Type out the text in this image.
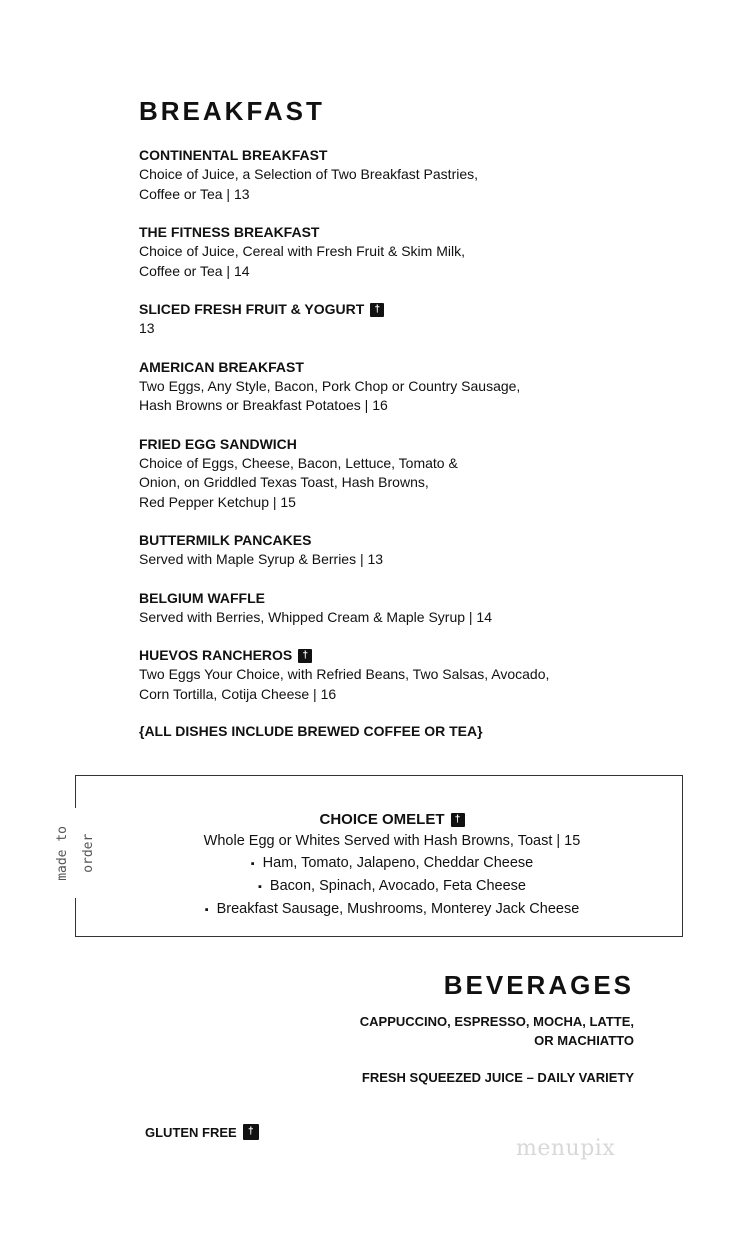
BREAKFAST
CONTINENTAL BREAKFAST
Choice of Juice, a Selection of Two Breakfast Pastries,
Coffee or Tea | 13
THE FITNESS BREAKFAST
Choice of Juice, Cereal with Fresh Fruit & Skim Milk,
Coffee or Tea | 14
SLICED FRESH FRUIT & YOGURT
†
13
AMERICAN BREAKFAST
Two Eggs, Any Style, Bacon, Pork Chop or Country Sausage,
Hash Browns or Breakfast Potatoes | 16
FRIED EGG SANDWICH
Choice of Eggs, Cheese, Bacon, Lettuce, Tomato &
Onion, on Griddled Texas Toast, Hash Browns,
Red Pepper Ketchup | 15
BUTTERMILK PANCAKES
Served with Maple Syrup & Berries | 13
BELGIUM WAFFLE
Served with Berries, Whipped Cream & Maple Syrup | 14
HUEVOS RANCHEROS
†
Two Eggs Your Choice, with Refried Beans, Two Salsas, Avocado,
Corn Tortilla, Cotija Cheese | 16
{ALL DISHES INCLUDE BREWED COFFEE OR TEA}
made to
order
CHOICE OMELET
†
Whole Egg or Whites Served with Hash Browns, Toast | 15
▪ Ham, Tomato, Jalapeno, Cheddar Cheese
▪ Bacon, Spinach, Avocado, Feta Cheese
▪ Breakfast Sausage, Mushrooms, Monterey Jack Cheese
BEVERAGES
CAPPUCCINO, ESPRESSO, MOCHA, LATTE,
OR MACHIATTO
FRESH SQUEEZED JUICE – DAILY VARIETY
GLUTEN FREE
†
menupix
